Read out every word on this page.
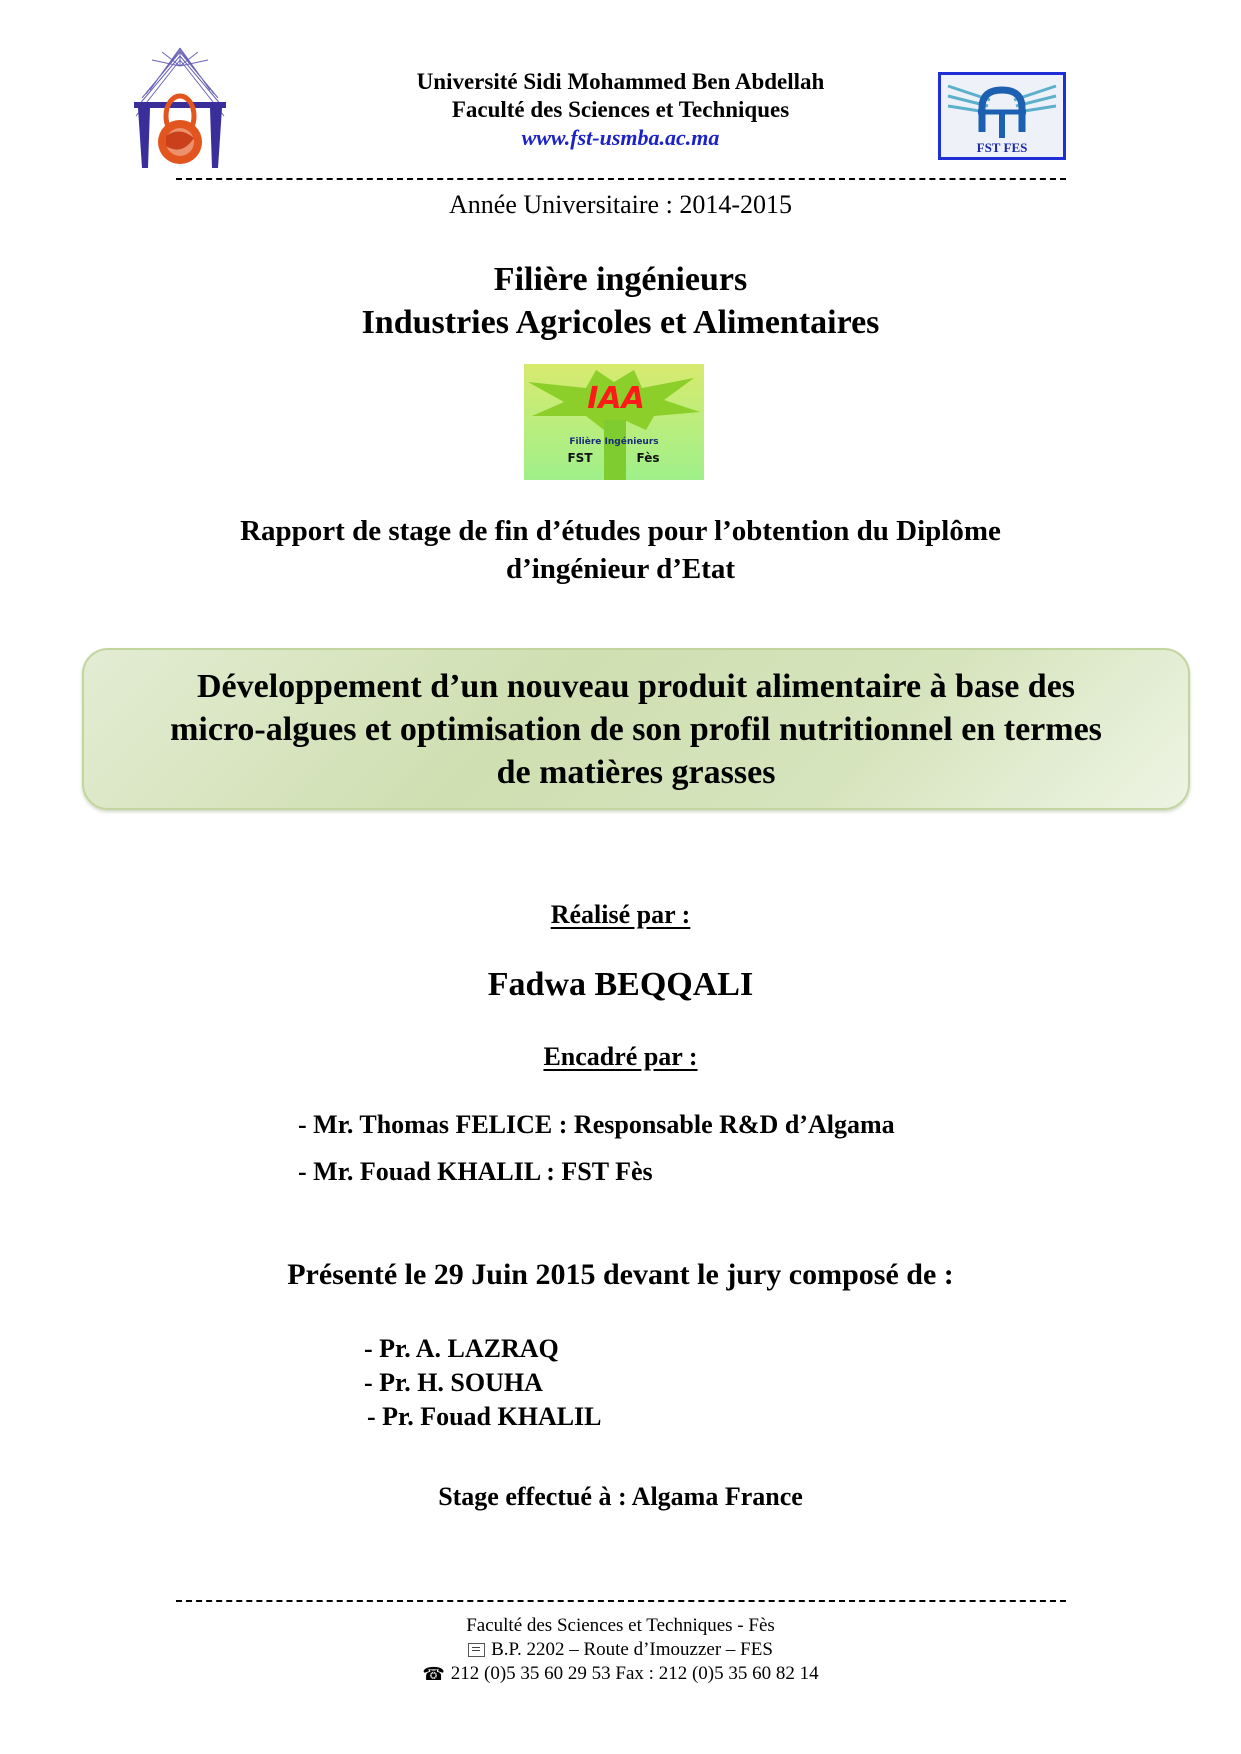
Université Sidi Mohammed Ben Abdellah
Faculté des Sciences et Techniques
www.fst-usmba.ac.ma	FST FES
Année Universitaire : 2014-2015
Filière ingénieurs
Industries Agricoles et Alimentaires
IAA
Filière Ingénieurs
FST	Fès
Rapport de stage de fin d’études pour l’obtention du Diplôme
d’ingénieur d’Etat
Développement d’un nouveau produit alimentaire à base des
micro-algues et optimisation de son profil nutritionnel en termes
de matières grasses
Réalisé par :
Fadwa BEQQALI
Encadré par :
- Mr. Thomas FELICE : Responsable R&D d’Algama
- Mr. Fouad KHALIL : FST Fès
Présenté le 29 Juin 2015 devant le jury composé de :
- Pr. A. LAZRAQ
- Pr. H. SOUHA
- Pr. Fouad KHALIL
Stage effectué à : Algama France
Faculté des Sciences et Techniques - Fès
B.P. 2202 – Route d’Imouzzer – FES
☎ 212 (0)5 35 60 29 53 Fax : 212 (0)5 35 60 82 14
